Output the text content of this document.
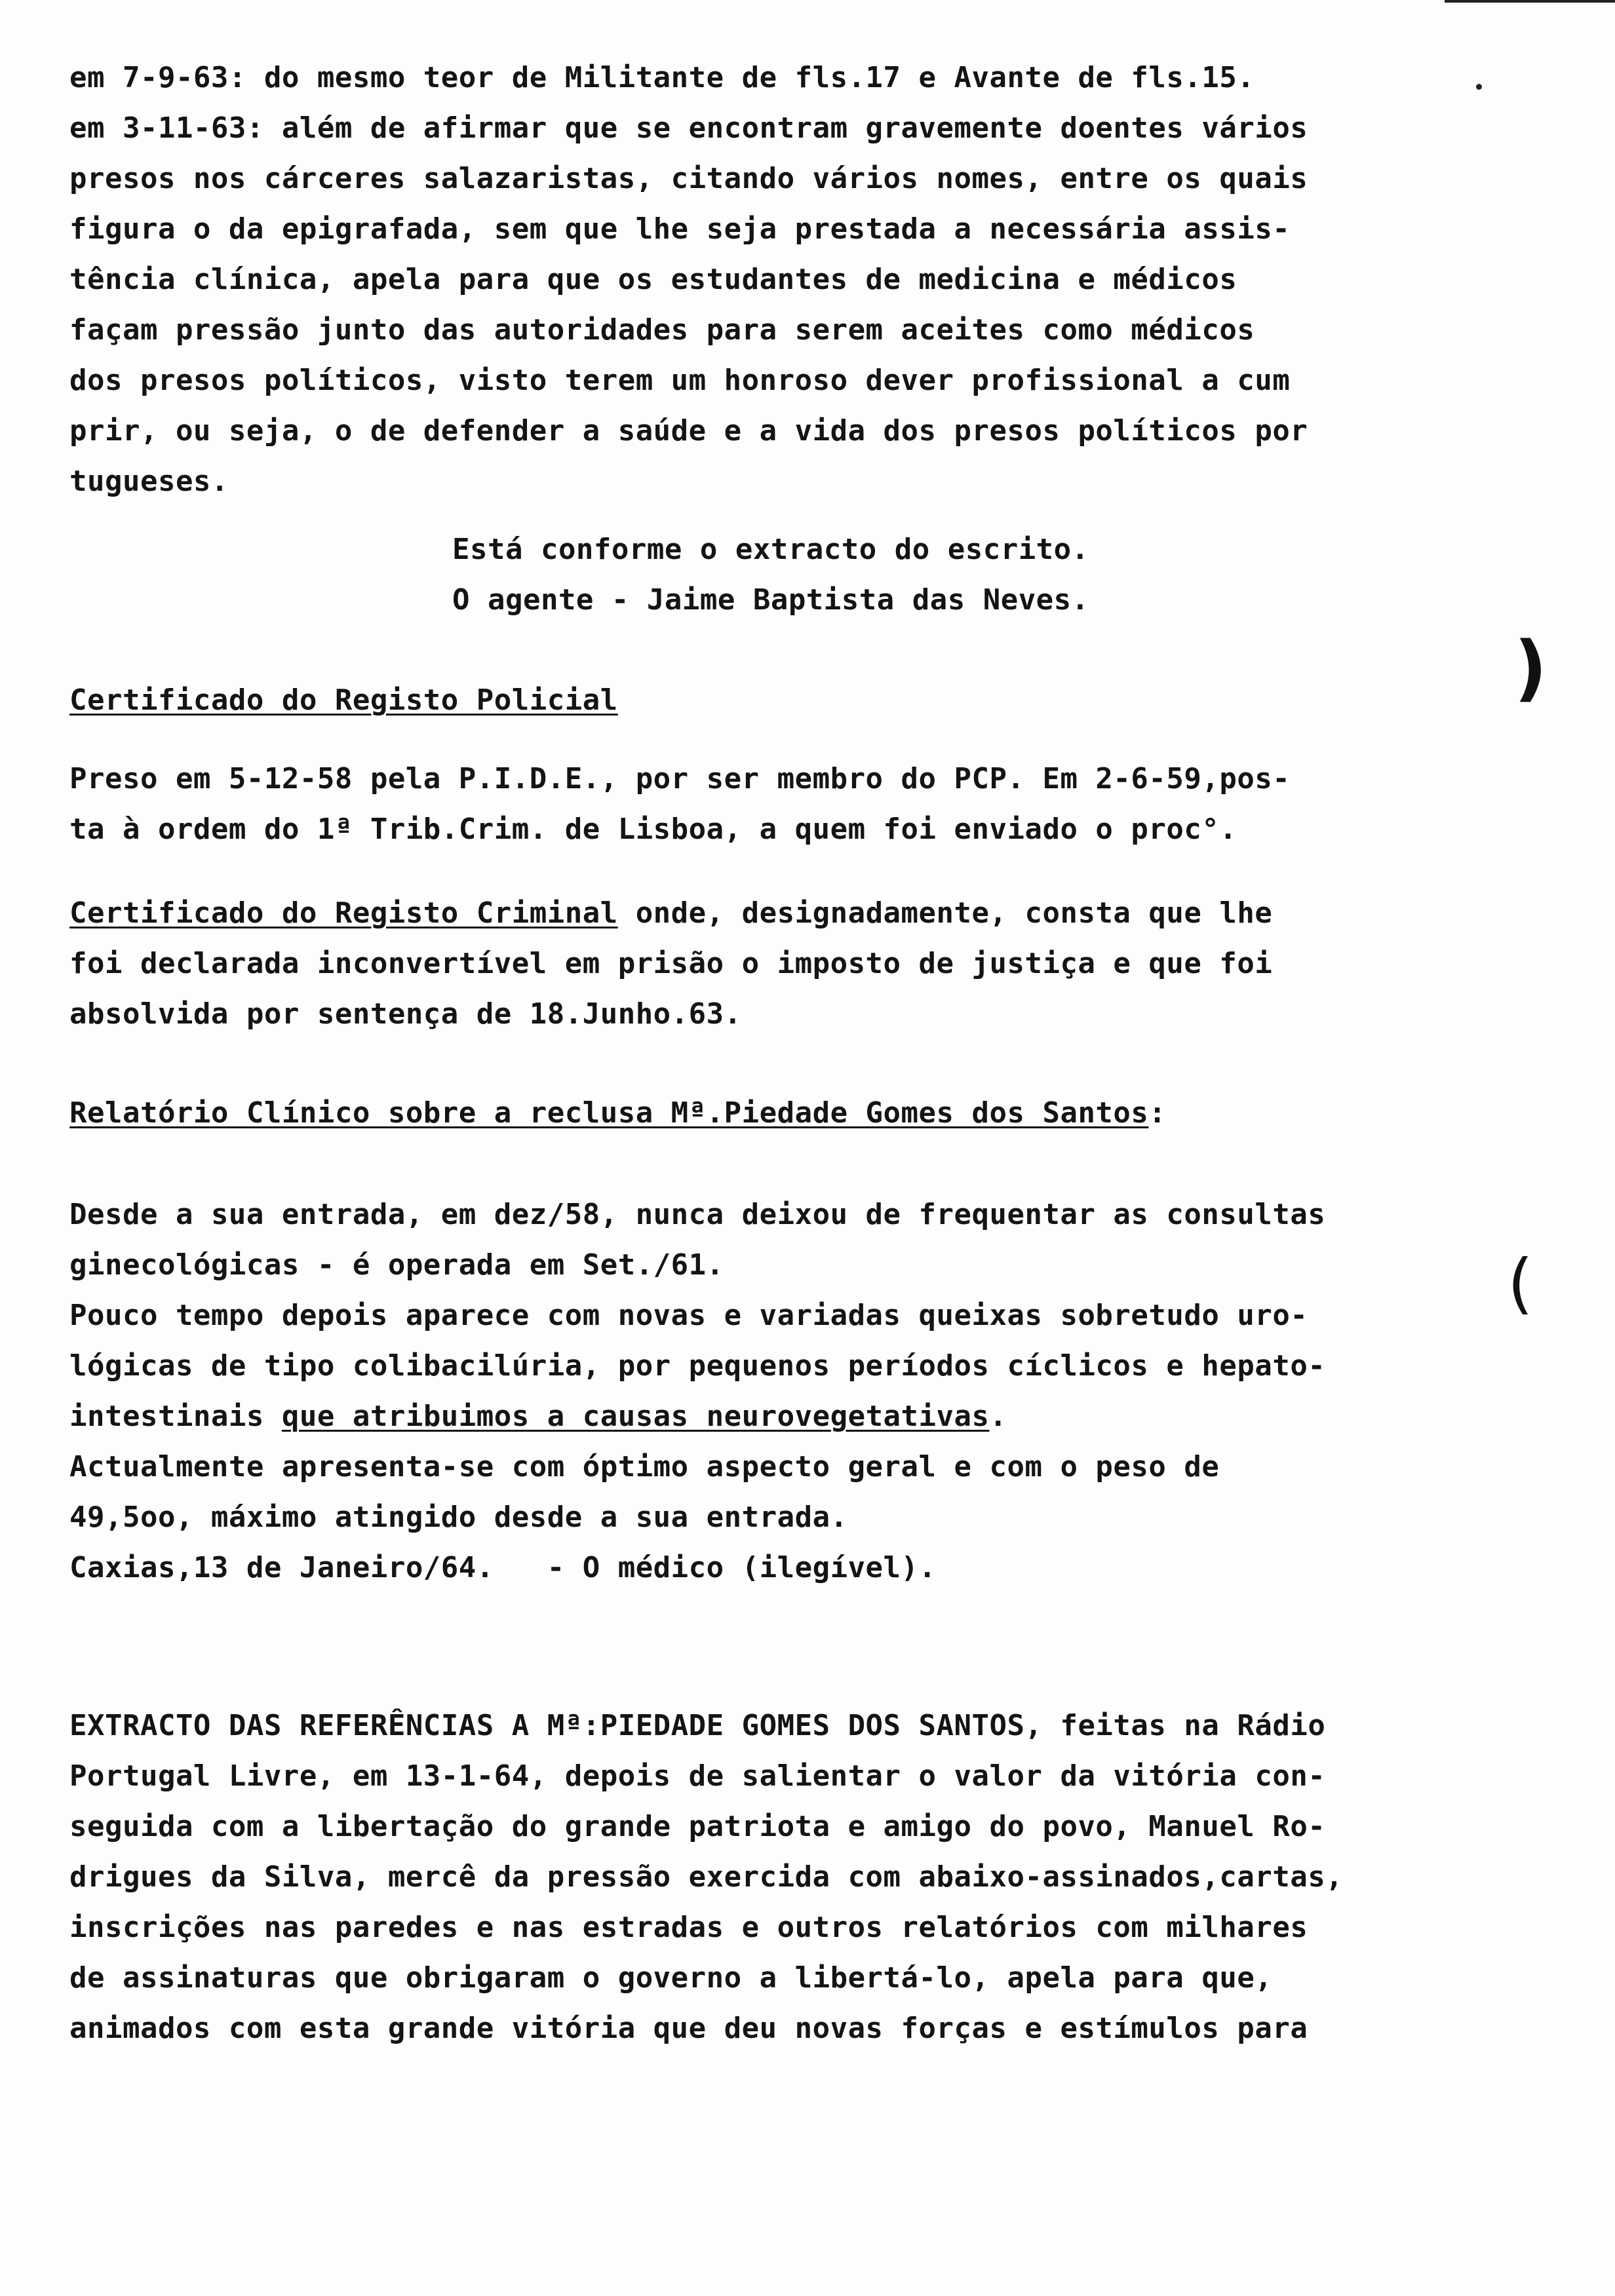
em 7-9-63: do mesmo teor de Militante de fls.17 e Avante de fls.15.
em 3-11-63: além de afirmar que se encontram gravemente doentes vários
presos nos cárceres salazaristas, citando vários nomes, entre os quais
figura o da epigrafada, sem que lhe seja prestada a necessária assis-
tência clínica, apela para que os estudantes de medicina e médicos
façam pressão junto das autoridades para serem aceites como médicos
dos presos políticos, visto terem um honroso dever profissional a cum
prir, ou seja, o de defender a saúde e a vida dos presos políticos por
tugueses.
Está conforme o extracto do escrito.
O agente - Jaime Baptista das Neves.
Certificado do Registo Policial
Preso em 5-12-58 pela P.I.D.E., por ser membro do PCP. Em 2-6-59,pos-
ta à ordem do 1ª Trib.Crim. de Lisboa, a quem foi enviado o proc°.
Certificado do Registo Criminal onde, designadamente, consta que lhe
foi declarada inconvertível em prisão o imposto de justiça e que foi
absolvida por sentença de 18.Junho.63.
Relatório Clínico sobre a reclusa Mª.Piedade Gomes dos Santos:
Desde a sua entrada, em dez/58, nunca deixou de frequentar as consultas
ginecológicas - é operada em Set./61.
Pouco tempo depois aparece com novas e variadas queixas sobretudo uro-
lógicas de tipo colibacilúria, por pequenos períodos cíclicos e hepato-
intestinais que atribuimos a causas neurovegetativas.
Actualmente apresenta-se com óptimo aspecto geral e com o peso de
49,5oo, máximo atingido desde a sua entrada.
Caxias,13 de Janeiro/64.   - O médico (ilegível).
EXTRACTO DAS REFERÊNCIAS A Mª:PIEDADE GOMES DOS SANTOS, feitas na Rádio
Portugal Livre, em 13-1-64, depois de salientar o valor da vitória con-
seguida com a libertação do grande patriota e amigo do povo, Manuel Ro-
drigues da Silva, mercê da pressão exercida com abaixo-assinados,cartas,
inscrições nas paredes e nas estradas e outros relatórios com milhares
de assinaturas que obrigaram o governo a libertá-lo, apela para que,
animados com esta grande vitória que deu novas forças e estímulos para
)
(
